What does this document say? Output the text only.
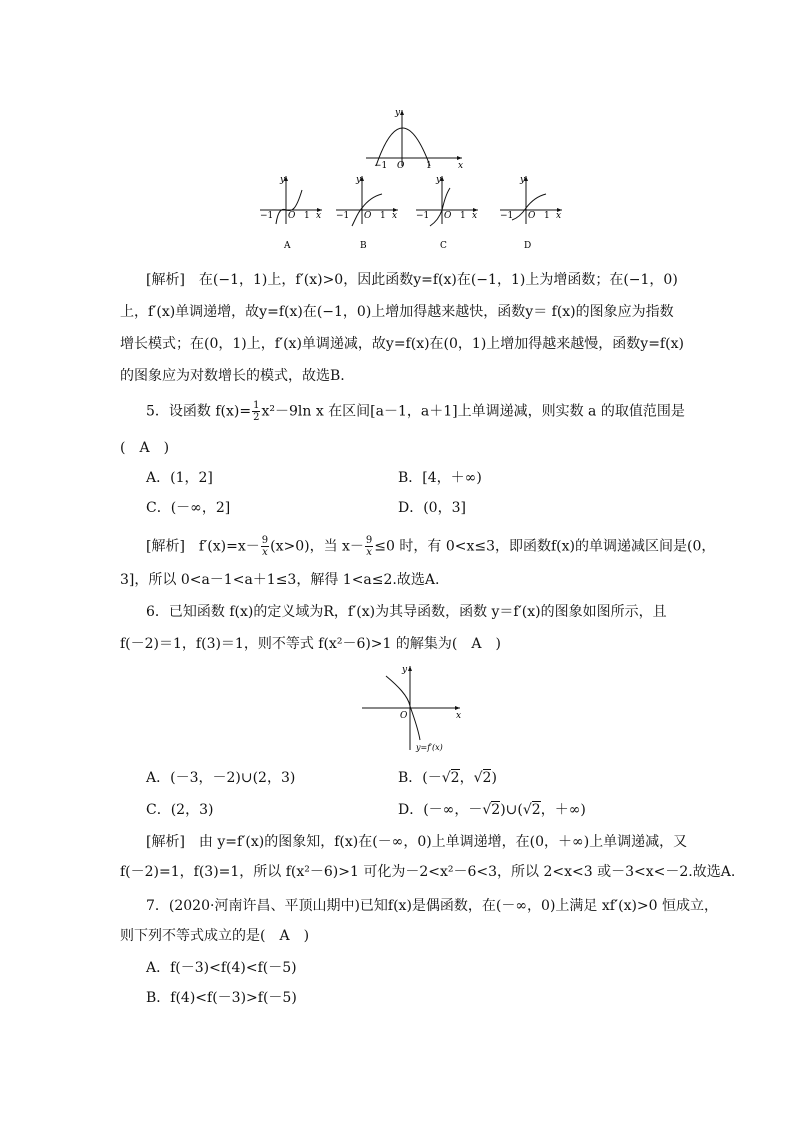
y
x
O
−1	1
y
x
O
−1	1
A
y
x
O
−1	1
B
y
x
O
−1	1
C
y
x
O
−1	1
D
[解析]　在(−1，1)上，f′(x)>0，因此函数y=f(x)在(−1，1)上为增函数；在(−1，0)
上，f′(x)单调递增，故y=f(x)在(−1，0)上增加得越来越快，函数y＝ f(x)的图象应为指数
增长模式；在(0，1)上，f′(x)单调递减，故y=f(x)在(0，1)上增加得越来越慢，函数y=f(x)
的图象应为对数增长的模式，故选B.
5．设函数 $f(x)= \frac{1}{2} x^2-9\ln$ x 在区间[a－1，a＋1]上单调递减，则实数 a 的取值范围是
(　A　)
A．(1，2]	B．[4，＋∞)
C．(－∞，2]	D．(0，3]
[解析]　$f'(x)=x- \frac{9}{x} (x>0)$，当 $x- \frac{9}{x} \le 0$ 时，有 0<x≤3，即函数f(x)的单调递减区间是(0，
3]，所以 0<a－1<a＋1≤3，解得 1<a≤2.故选A.
6．已知函数 f(x)的定义域为R，f′(x)为其导函数，函数 y＝f′(x)的图象如图所示，且
f(－2)＝1，f(3)＝1，则不等式 f(x²－6)>1 的解集为(　A　)
y
x
O
y=f′(x)
A．(－3，－2)∪(2，3)	B．(－√2，√2)
C．(2，3)	D．(－∞，－√2)∪(√2，＋∞)
[解析]　由 y=f′(x)的图象知，f(x)在(－∞，0)上单调递增，在(0，＋∞)上单调递减，又
f(－2)=1，f(3)=1，所以 f(x²－6)>1 可化为－2<x²－6<3，所以 2<x<3 或－3<x<－2.故选A.
7．(2020·河南许昌、平顶山期中)已知f(x)是偶函数，在(－∞，0)上满足 xf′(x)>0 恒成立，
则下列不等式成立的是(　A　)
A．f(－3)<f(4)<f(－5)
B．f(4)<f(－3)>f(－5)
